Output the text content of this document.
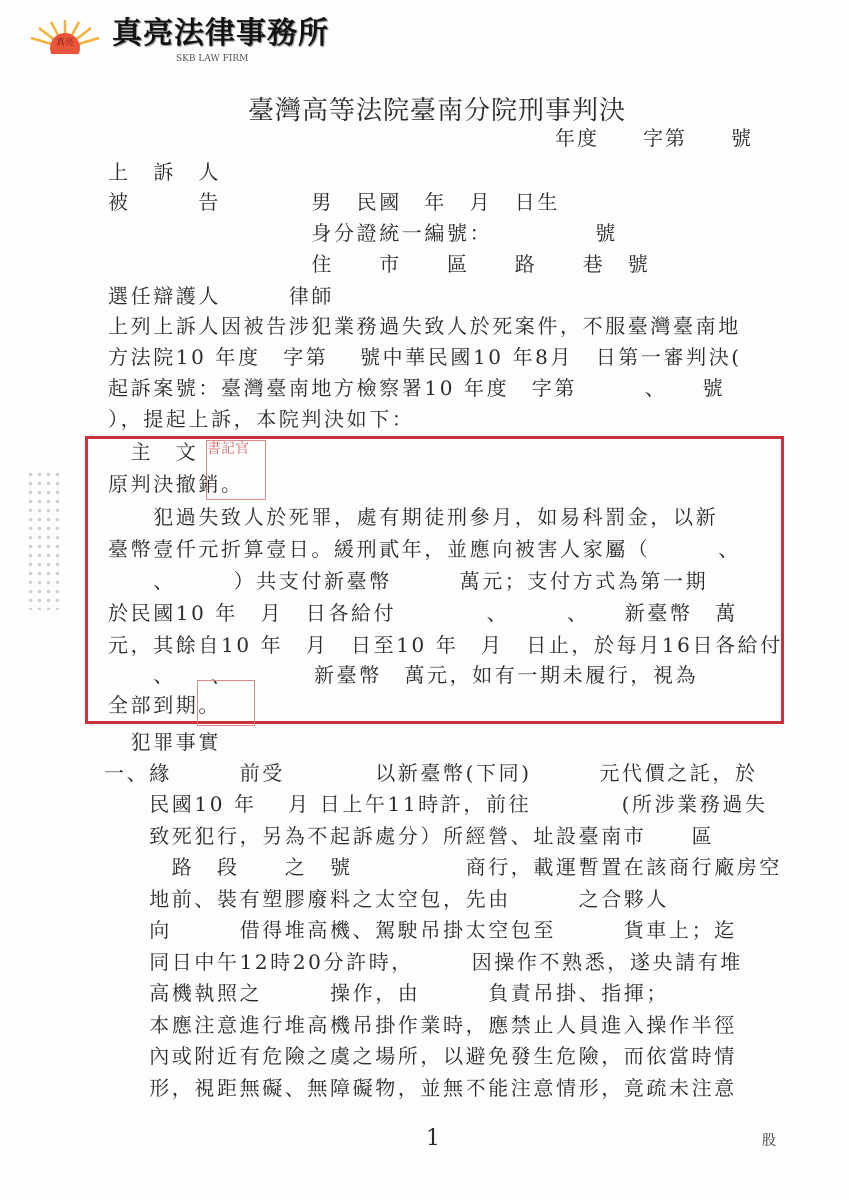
真亮 真亮法律事務所
SKB LAW FIRM
臺灣高等法院臺南分院刑事判決
年度　　字第　　號
上　訴　人
被　　　告　　　　男　民國　年　月　日生
　　　　　　　　　身分證統一編號：　　　　　號
　　　　　　　　　住　　市　　區　　路　　巷　號
選任辯護人　　　律師
上列上訴人因被告涉犯業務過失致人於死案件，不服臺灣臺南地
方法院10 年度　字第　 號中華民國10 年8月　日第一審判決(
起訴案號：臺灣臺南地方檢察署10 年度　字第　　　、　　號
），提起上訴，本院判決如下：
　主　文 書記官
原判決撤銷。
　　犯過失致人於死罪，處有期徒刑參月，如易科罰金，以新
臺幣壹仟元折算壹日。緩刑貳年，並應向被害人家屬（　　　、
　　、　　　）共支付新臺幣　　　萬元；支付方式為第一期
於民國10 年　月　日各給付　　　　、　　　、　　新臺幣　萬
元，其餘自10 年　月　日至10 年　月　日止，於每月16日各給付
　　、　　、　　　　新臺幣　萬元，如有一期未履行，視為
全部到期。
　犯罪事實
一、緣　　　前受　　　　以新臺幣(下同)　　　元代價之託，於
　　民國10 年　 月 日上午11時許，前往　　　　(所涉業務過失
　　致死犯行，另為不起訴處分）所經營、址設臺南市　　區
　　　路　段　　之　號　　　　　商行，載運暫置在該商行廠房空
　　地前、裝有塑膠廢料之太空包，先由　　　之合夥人
　　向　　　借得堆高機、駕駛吊掛太空包至　　　貨車上；迄
　　同日中午12時20分許時，　　　因操作不熟悉，遂央請有堆
　　高機執照之　　　操作，由　　　負責吊掛、指揮；
　　本應注意進行堆高機吊掛作業時，應禁止人員進入操作半徑
　　內或附近有危險之虞之場所，以避免發生危險，而依當時情
　　形，視距無礙、無障礙物，並無不能注意情形，竟疏未注意
1	股
